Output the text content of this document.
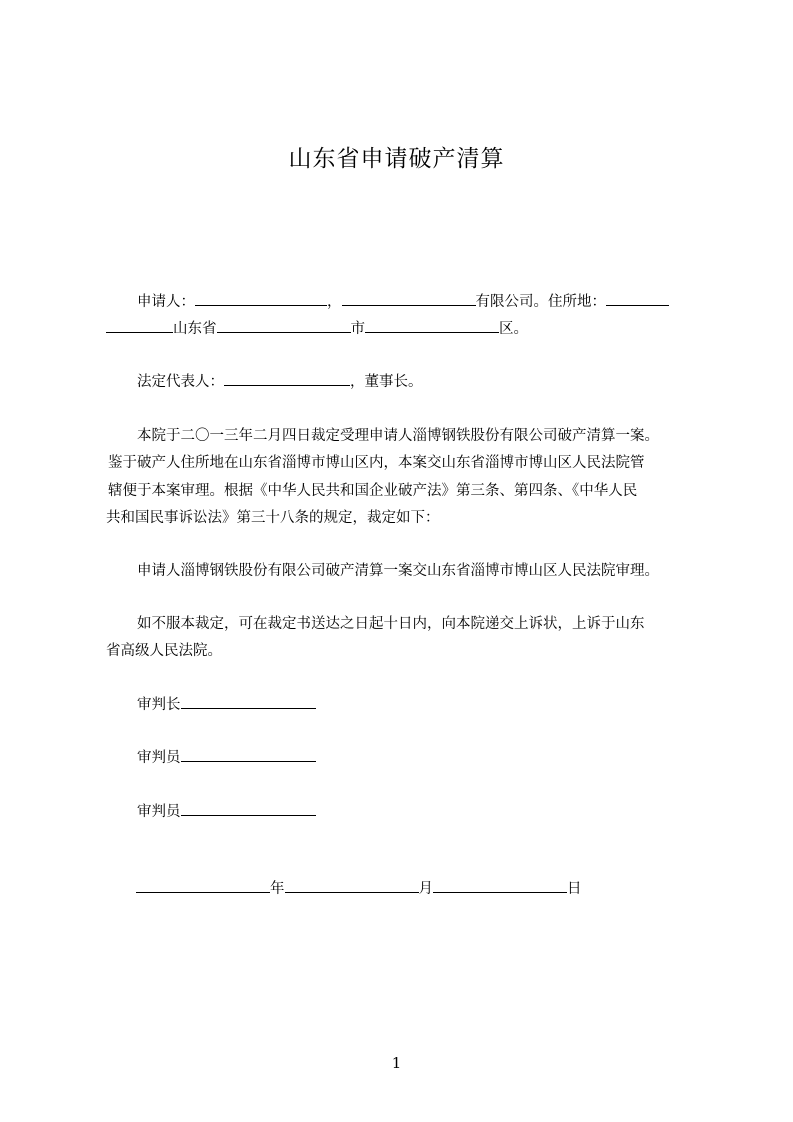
山东省申请破产清算
申请人：	，	有限公司。住所地：
山东省	市	区。
法定代表人：	，董事长。
本院于二〇一三年二月四日裁定受理申请人淄博钢铁股份有限公司破产清算一案。
鉴于破产人住所地在山东省淄博市博山区内，本案交山东省淄博市博山区人民法院管
辖便于本案审理。根据《中华人民共和国企业破产法》第三条、第四条、《中华人民
共和国民事诉讼法》第三十八条的规定，裁定如下：
申请人淄博钢铁股份有限公司破产清算一案交山东省淄博市博山区人民法院审理。
如不服本裁定，可在裁定书送达之日起十日内，向本院递交上诉状，上诉于山东
省高级人民法院。
审判长
审判员
审判员
年	月	日
1
